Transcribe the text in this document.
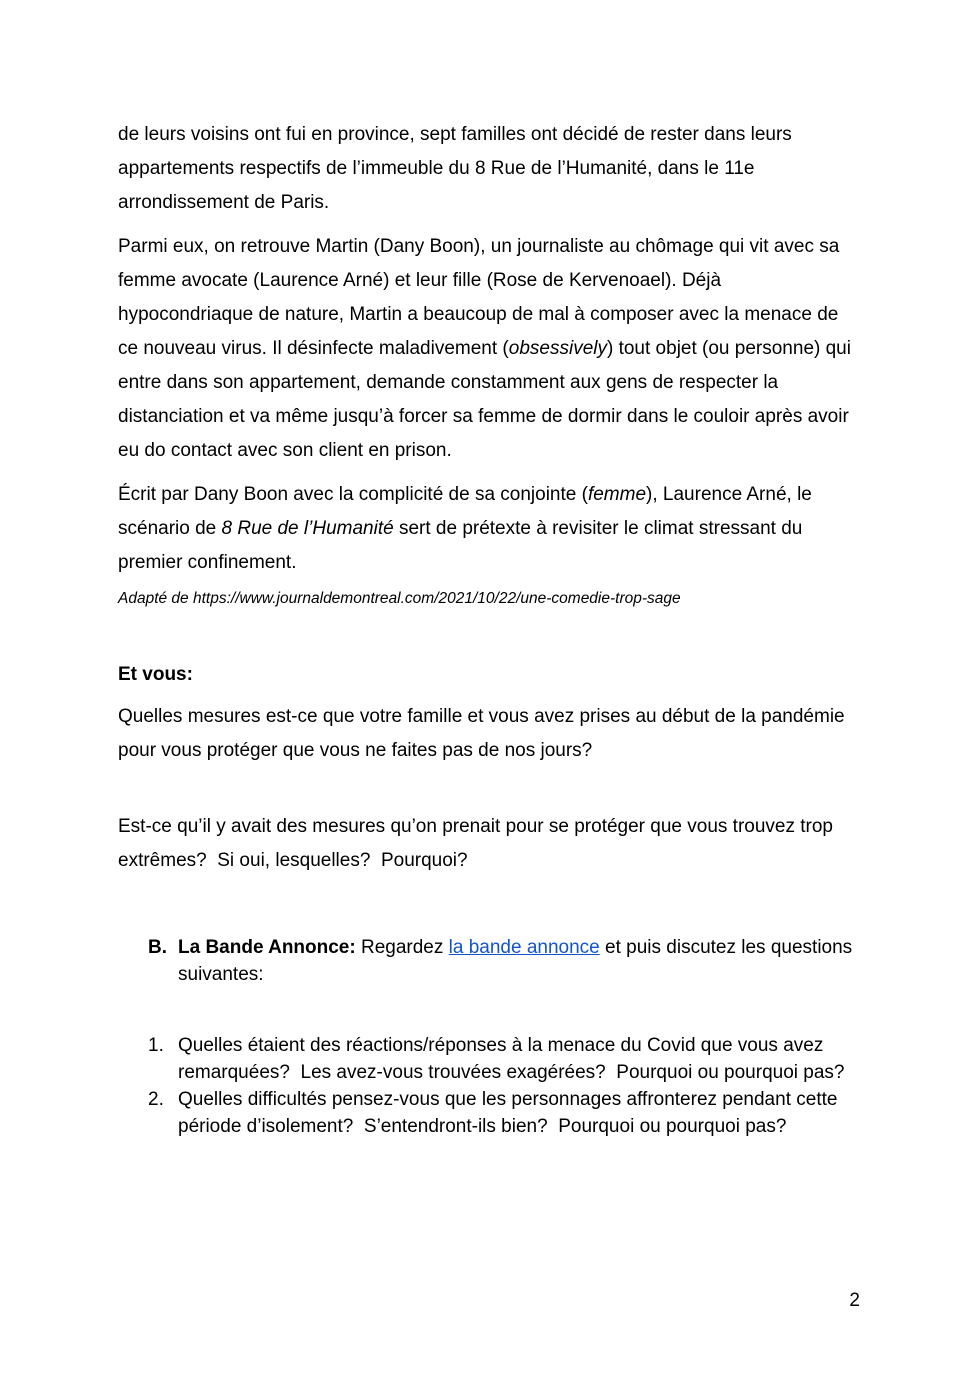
de leurs voisins ont fui en province, sept familles ont décidé de rester dans leurs appartements respectifs de l’immeuble du 8 Rue de l’Humanité, dans le 11e arrondissement de Paris.

Parmi eux, on retrouve Martin (Dany Boon), un journaliste au chômage qui vit avec sa femme avocate (Laurence Arné) et leur fille (Rose de Kervenoael). Déjà hypocondriaque de nature, Martin a beaucoup de mal à composer avec la menace de ce nouveau virus. Il désinfecte maladivement (obsessively) tout objet (ou personne) qui entre dans son appartement, demande constamment aux gens de respecter la distanciation et va même jusqu’à forcer sa femme de dormir dans le couloir après avoir eu do contact avec son client en prison.

Écrit par Dany Boon avec la complicité de sa conjointe (femme), Laurence Arné, le scénario de 8 Rue de l’Humanité sert de prétexte à revisiter le climat stressant du premier confinement.

Adapté de https://www.journaldemontreal.com/2021/10/22/une-comedie-trop-sage

Et vous:

Quelles mesures est-ce que votre famille et vous avez prises au début de la pandémie pour vous protéger que vous ne faites pas de nos jours?

Est-ce qu’il y avait des mesures qu’on prenait pour se protéger que vous trouvez trop extrêmes?  Si oui, lesquelles?  Pourquoi?

B. La Bande Annonce: Regardez la bande annonce et puis discutez les questions suivantes:
1. Quelles étaient des réactions/réponses à la menace du Covid que vous avez remarquées?  Les avez-vous trouvées exagérées?  Pourquoi ou pourquoi pas?
2. Quelles difficultés pensez-vous que les personnages affronterez pendant cette période d’isolement?  S’entendront-ils bien?  Pourquoi ou pourquoi pas?
2
